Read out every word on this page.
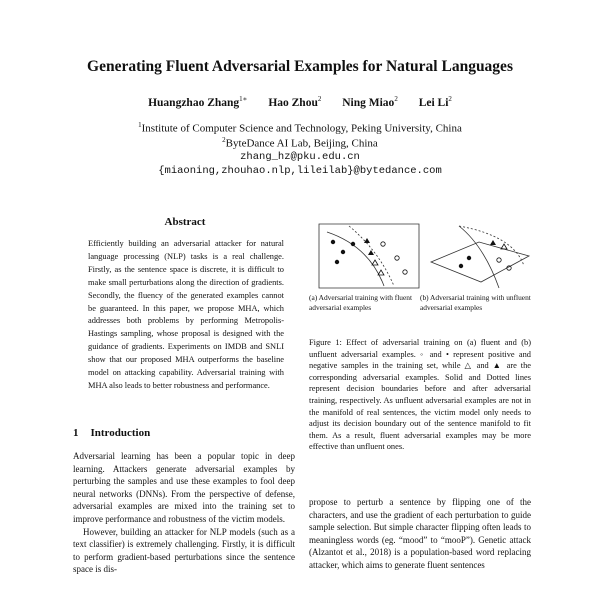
Generating Fluent Adversarial Examples for Natural Languages
Huangzhao Zhang$^{1∗}$ Hao Zhou$^2$ Ning Miao$^2$ Lei Li$^2$
$^1$Institute of Computer Science and Technology, Peking University, China
$^2$ByteDance AI Lab, Beijing, China
zhang_hz@pku.edu.cn
{miaoning,zhouhao.nlp,lileilab}@bytedance.com
Abstract
Efficiently building an adversarial attacker for natural language processing (NLP) tasks is a real challenge. Firstly, as the sentence space is discrete, it is difficult to make small perturbations along the direction of gradients. Secondly, the fluency of the generated examples cannot be guaranteed. In this paper, we propose MHA, which addresses both problems by performing Metropolis-Hastings sampling, whose proposal is designed with the guidance of gradients. Experiments on IMDB and SNLI show that our proposed MHA outperforms the baseline model on attacking capability. Adversarial training with MHA also leads to better robustness and performance.
1 Introduction

Adversarial learning has been a popular topic in deep learning. Attackers generate adversarial examples by perturbing the samples and use these examples to fool deep neural networks (DNNs). From the perspective of defense, adversarial examples are mixed into the training set to improve performance and robustness of the victim models.

However, building an attacker for NLP models (such as a text classifier) is extremely challenging. Firstly, it is difficult to perform gradient-based perturbations since the sentence space is dis-

(a) Adversarial training with fluent adversarial examples
(b) Adversarial training with unfluent adversarial examples
Figure 1: Effect of adversarial training on (a) fluent and (b) unfluent adversarial examples. ◦ and • represent positive and negative samples in the training set, while △ and ▲ are the corresponding adversarial examples. Solid and Dotted lines represent decision boundaries before and after adversarial training, respectively. As unfluent adversarial examples are not in the manifold of real sentences, the victim model only needs to adjust its decision boundary out of the sentence manifold to fit them. As a result, fluent adversarial examples may be more effective than unfluent ones.
propose to perturb a sentence by flipping one of the characters, and use the gradient of each perturbation to guide sample selection. But simple character flipping often leads to meaningless words (eg. “mood” to “mooP”). Genetic attack (Alzantot et al., 2018) is a population-based word replacing attacker, which aims to generate fluent sentences
